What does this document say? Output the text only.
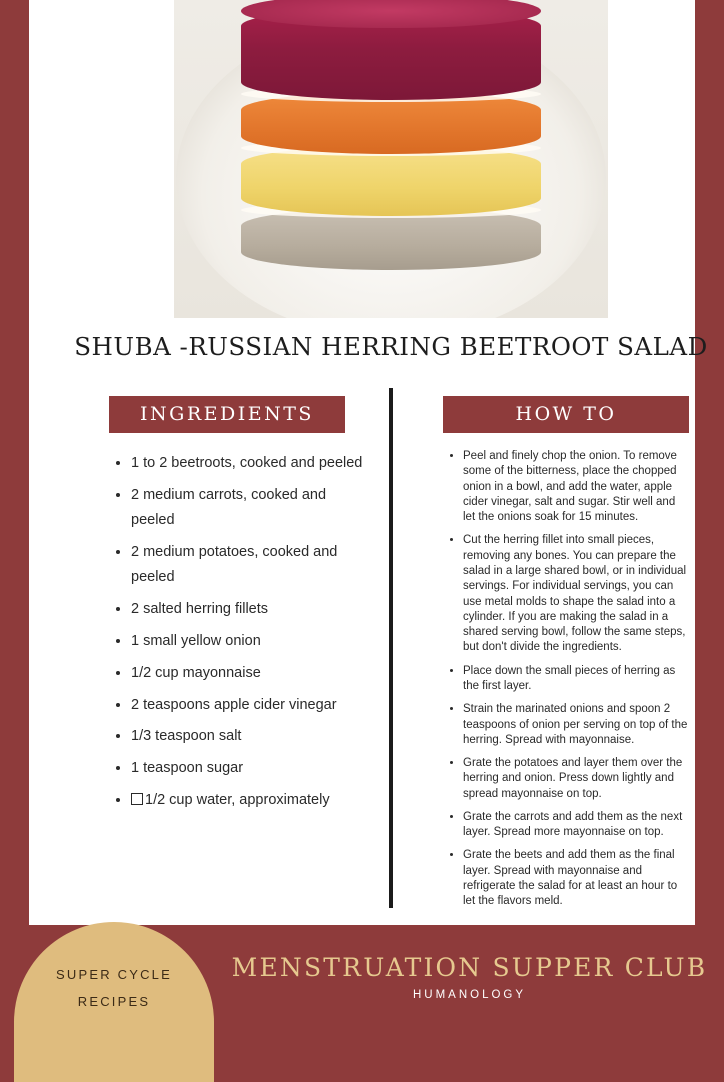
SHUBA -RUSSIAN HERRING BEETROOT SALAD
INGREDIENTS
• 1 to 2 beetroots, cooked and peeled
• 2 medium carrots, cooked and peeled
• 2 medium potatoes, cooked and peeled
• 2 salted herring fillets
• 1 small yellow onion
• 1/2 cup mayonnaise
• 2 teaspoons apple cider vinegar
• 1/3 teaspoon salt
• 1 teaspoon sugar
• 1/2 cup water, approximately
HOW TO
• Peel and finely chop the onion. To remove some of the bitterness, place the chopped onion in a bowl, and add the water, apple cider vinegar, salt and sugar. Stir well and let the onions soak for 15 minutes.
• Cut the herring fillet into small pieces, removing any bones. You can prepare the salad in a large shared bowl, or in individual servings. For individual servings, you can use metal molds to shape the salad into a cylinder. If you are making the salad in a shared serving bowl, follow the same steps, but don't divide the ingredients.
• Place down the small pieces of herring as the first layer.
• Strain the marinated onions and spoon 2 teaspoons of onion per serving on top of the herring. Spread with mayonnaise.
• Grate the potatoes and layer them over the herring and onion. Press down lightly and spread mayonnaise on top.
• Grate the carrots and add them as the next layer. Spread more mayonnaise on top.
• Grate the beets and add them as the final layer. Spread with mayonnaise and refrigerate the salad for at least an hour to let the flavors meld.
MENSTRUATION SUPPER CLUB
HUMANOLOGY
SUPER CYCLE
RECIPES
